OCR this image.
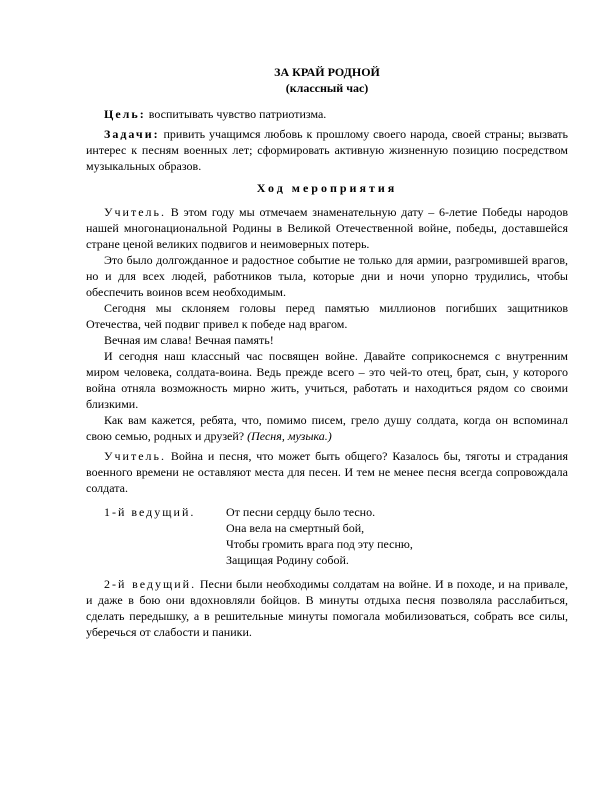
ЗА КРАЙ РОДНОЙ
(классный час)

Цель: воспитывать чувство патриотизма.

Задачи: привить учащимся любовь к прошлому своего народа, своей страны; вызвать интерес к песням военных лет; сформировать активную жизненную позицию посредством музыкальных образов.

Ход мероприятия

Учитель. В этом году мы отмечаем знаменательную дату – 6-летие Победы народов нашей многонациональной Родины в Великой Отечественной войне, победы, доставшейся стране ценой великих подвигов и неимоверных потерь.

Это было долгожданное и радостное событие не только для армии, разгромившей врагов, но и для всех людей, работников тыла, которые дни и ночи упорно трудились, чтобы обеспечить воинов всем необходимым.

Сегодня мы склоняем головы перед памятью миллионов погибших защитников Отечества, чей подвиг привел к победе над врагом.

Вечная им слава! Вечная память!

И сегодня наш классный час посвящен войне. Давайте соприкоснемся с внутренним миром человека, солдата-воина. Ведь прежде всего – это чей-то отец, брат, сын, у которого война отняла возможность мирно жить, учиться, работать и находиться рядом со своими близкими.

Как вам кажется, ребята, что, помимо писем, грело душу солдата, когда он вспоминал свою семью, родных и друзей? (Песня, музыка.)

Учитель. Война и песня, что может быть общего? Казалось бы, тяготы и страдания военного времени не оставляют места для песен. И тем не менее песня всегда сопровождала солдата.

1-й ведущий.	От песни сердцу было тесно.
Она вела на смертный бой,
Чтобы громить врага под эту песню,
Защищая Родину собой.

2-й ведущий. Песни были необходимы солдатам на войне. И в походе, и на привале, и даже в бою они вдохновляли бойцов. В минуты отдыха песня позволяла расслабиться, сделать передышку, а в решительные минуты помогала мобилизоваться, собрать все силы, уберечься от слабости и паники.
